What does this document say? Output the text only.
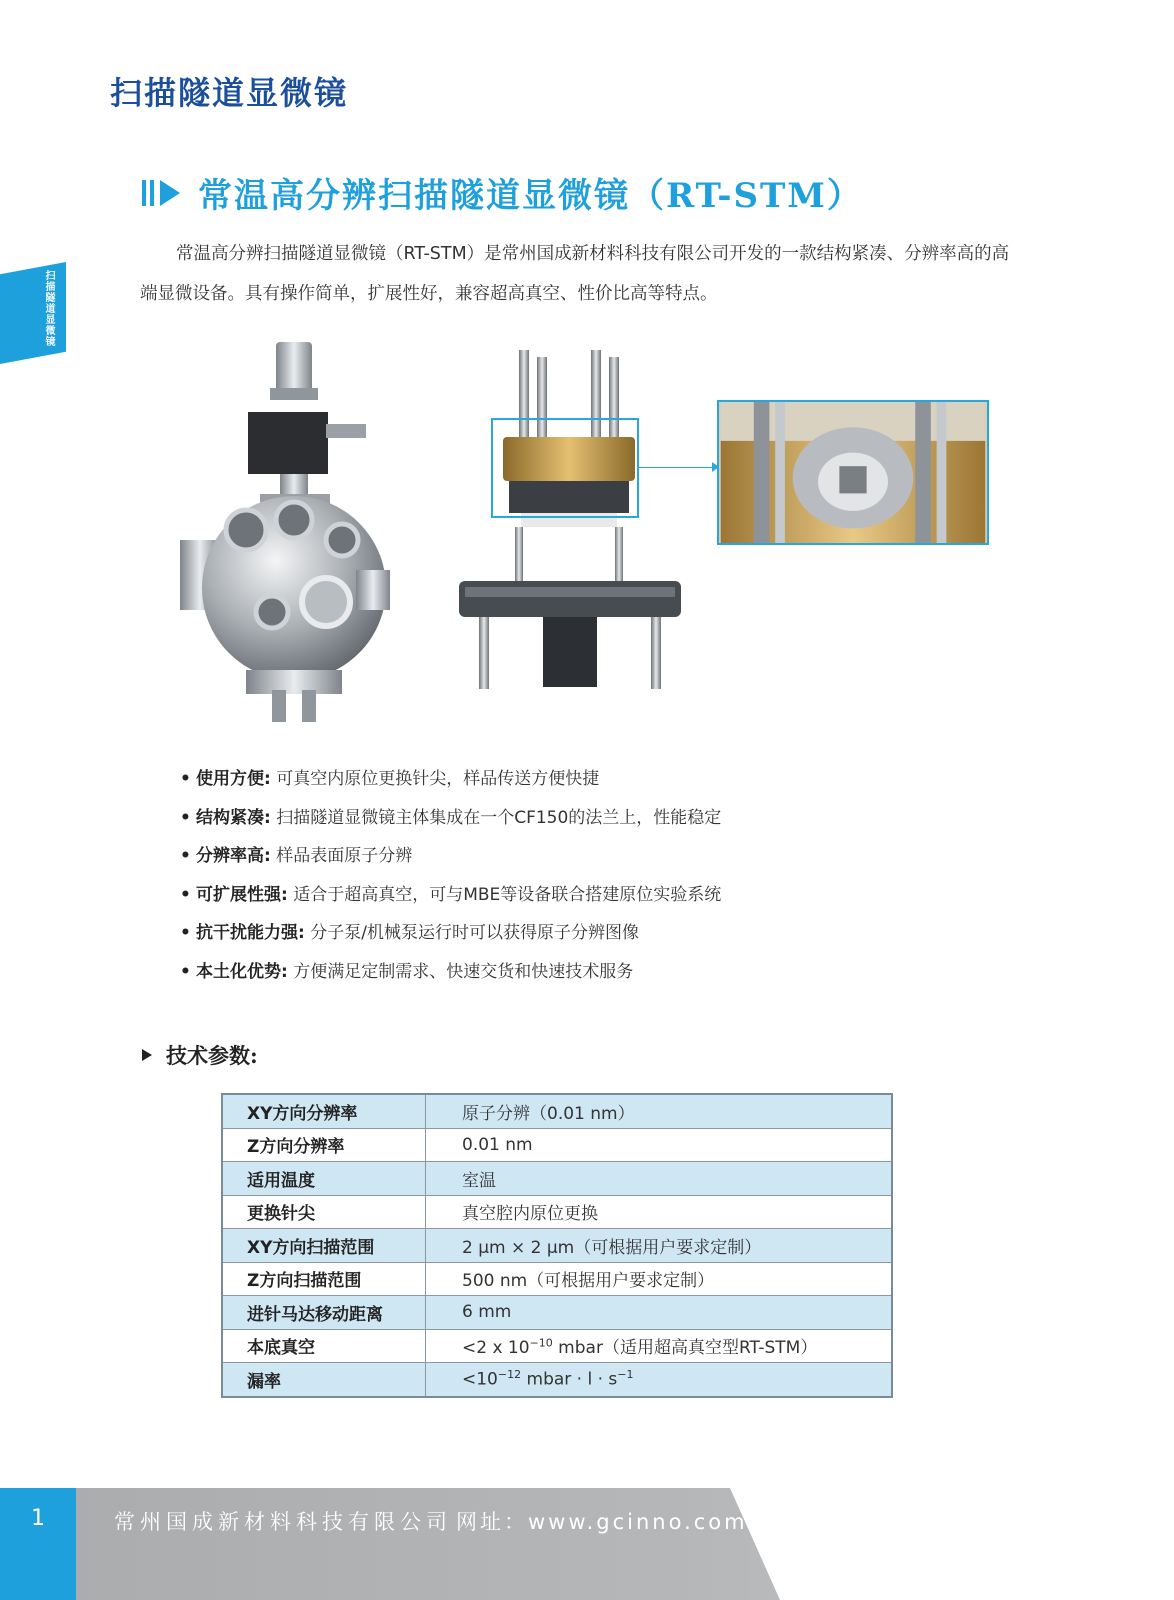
扫描隧道显微镜
扫描隧道显微镜
常温高分辨扫描隧道显微镜（RT-STM）
常温高分辨扫描隧道显微镜（RT-STM）是常州国成新材料科技有限公司开发的一款结构紧凑、分辨率高的高端显微设备。具有操作简单，扩展性好，兼容超高真空、性价比高等特点。
• 使用方便: 可真空内原位更换针尖，样品传送方便快捷
• 结构紧凑: 扫描隧道显微镜主体集成在一个CF150的法兰上，性能稳定
• 分辨率高: 样品表面原子分辨
• 可扩展性强: 适合于超高真空，可与MBE等设备联合搭建原位实验系统
• 抗干扰能力强: 分子泵/机械泵运行时可以获得原子分辨图像
• 本土化优势: 方便满足定制需求、快速交货和快速技术服务
技术参数:
XY方向分辨率	原子分辨（0.01 nm）
Z方向分辨率	0.01 nm
适用温度	室温
更换针尖	真空腔内原位更换
XY方向扫描范围	2 μm × 2 μm（可根据用户要求定制）
Z方向扫描范围	500 nm（可根据用户要求定制）
进针马达移动距离	6 mm
本底真空	<2 x $10^{-10}$ mbar（适用超高真空型RT-STM）
漏率	$<10^{-12}$ mbar · $l \cdot s^{-1}$
1	常州国成新材料科技有限公司 网址：www.gcinno.com
